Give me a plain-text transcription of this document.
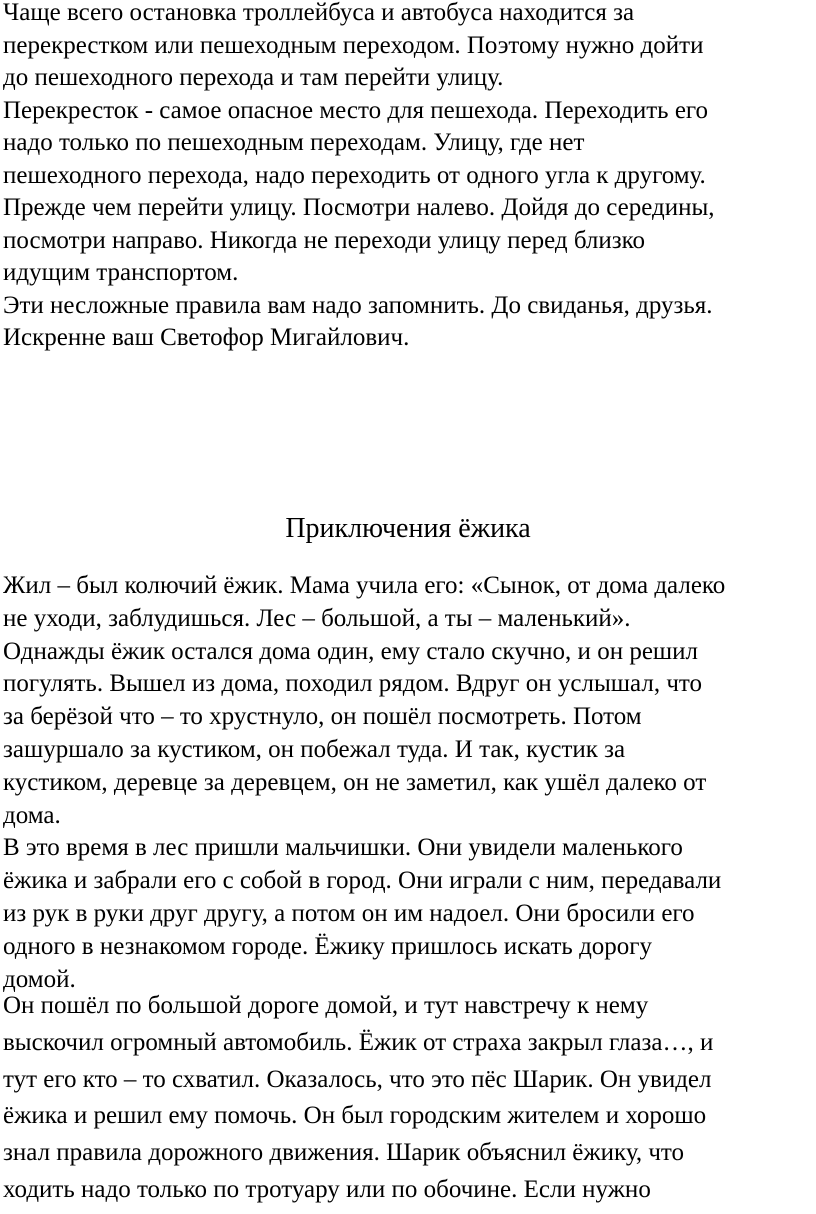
Чаще всего остановка троллейбуса и автобуса находится за
перекрестком или пешеходным переходом. Поэтому нужно дойти
до пешеходного перехода и там перейти улицу.
Перекресток - самое опасное место для пешехода. Переходить его
надо только по пешеходным переходам. Улицу, где нет
пешеходного перехода, надо переходить от одного угла к другому.
Прежде чем перейти улицу. Посмотри налево. Дойдя до середины,
посмотри направо. Никогда не переходи улицу перед близко
идущим транспортом.
Эти несложные правила вам надо запомнить. До свиданья, друзья.
Искренне ваш Светофор Мигайлович.
Приключения ёжика
Жил – был колючий ёжик. Мама учила его: «Сынок, от дома далеко
не уходи, заблудишься. Лес – большой, а ты – маленький».
Однажды ёжик остался дома один, ему стало скучно, и он решил
погулять. Вышел из дома, походил рядом. Вдруг он услышал, что
за берёзой что – то хрустнуло, он пошёл посмотреть. Потом
зашуршало за кустиком, он побежал туда. И так, кустик за
кустиком, деревце за деревцем, он не заметил, как ушёл далеко от
дома.
В это время в лес пришли мальчишки. Они увидели маленького
ёжика и забрали его с собой в город. Они играли с ним, передавали
из рук в руки друг другу, а потом он им надоел. Они бросили его
одного в незнакомом городе. Ёжику пришлось искать дорогу
домой.
Он пошёл по большой дороге домой, и тут навстречу к нему
выскочил огромный автомобиль. Ёжик от страха закрыл глаза…, и
тут его кто – то схватил. Оказалось, что это пёс Шарик. Он увидел
ёжика и решил ему помочь. Он был городским жителем и хорошо
знал правила дорожного движения. Шарик объяснил ёжику, что
ходить надо только по тротуару или по обочине. Если нужно
